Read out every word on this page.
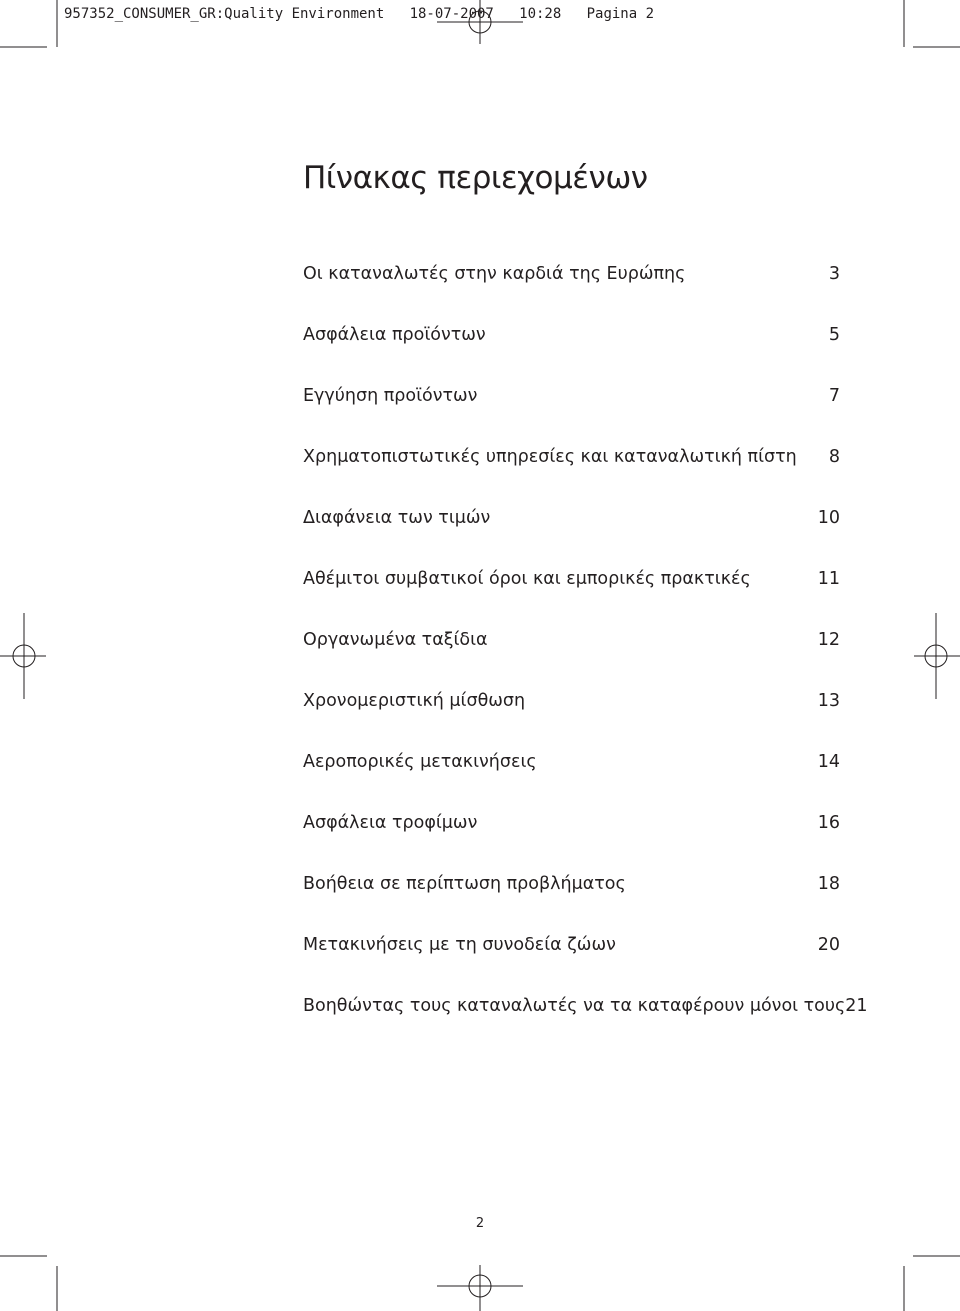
957352_CONSUMER_GR:Quality Environment   18-07-2007   10:28   Pagina 2
Πίνακας περιεχομένων
Οι καταναλωτές στην καρδιά της Ευρώπης	3
Ασφάλεια προϊόντων	5
Εγγύηση προϊόντων	7
Χρηματοπιστωτικές υπηρεσίες και καταναλωτική πίστη	8
Διαφάνεια των τιμών	10
Αθέμιτοι συμβατικοί όροι και εμπορικές πρακτικές	11
Οργανωμένα ταξίδια	12
Χρονομεριστική μίσθωση	13
Αεροπορικές μετακινήσεις	14
Ασφάλεια τροφίμων	16
Βοήθεια σε περίπτωση προβλήματος	18
Μετακινήσεις με τη συνοδεία ζώων	20
Βοηθώντας τους καταναλωτές να τα καταφέρουν μόνοι τους 21
2
